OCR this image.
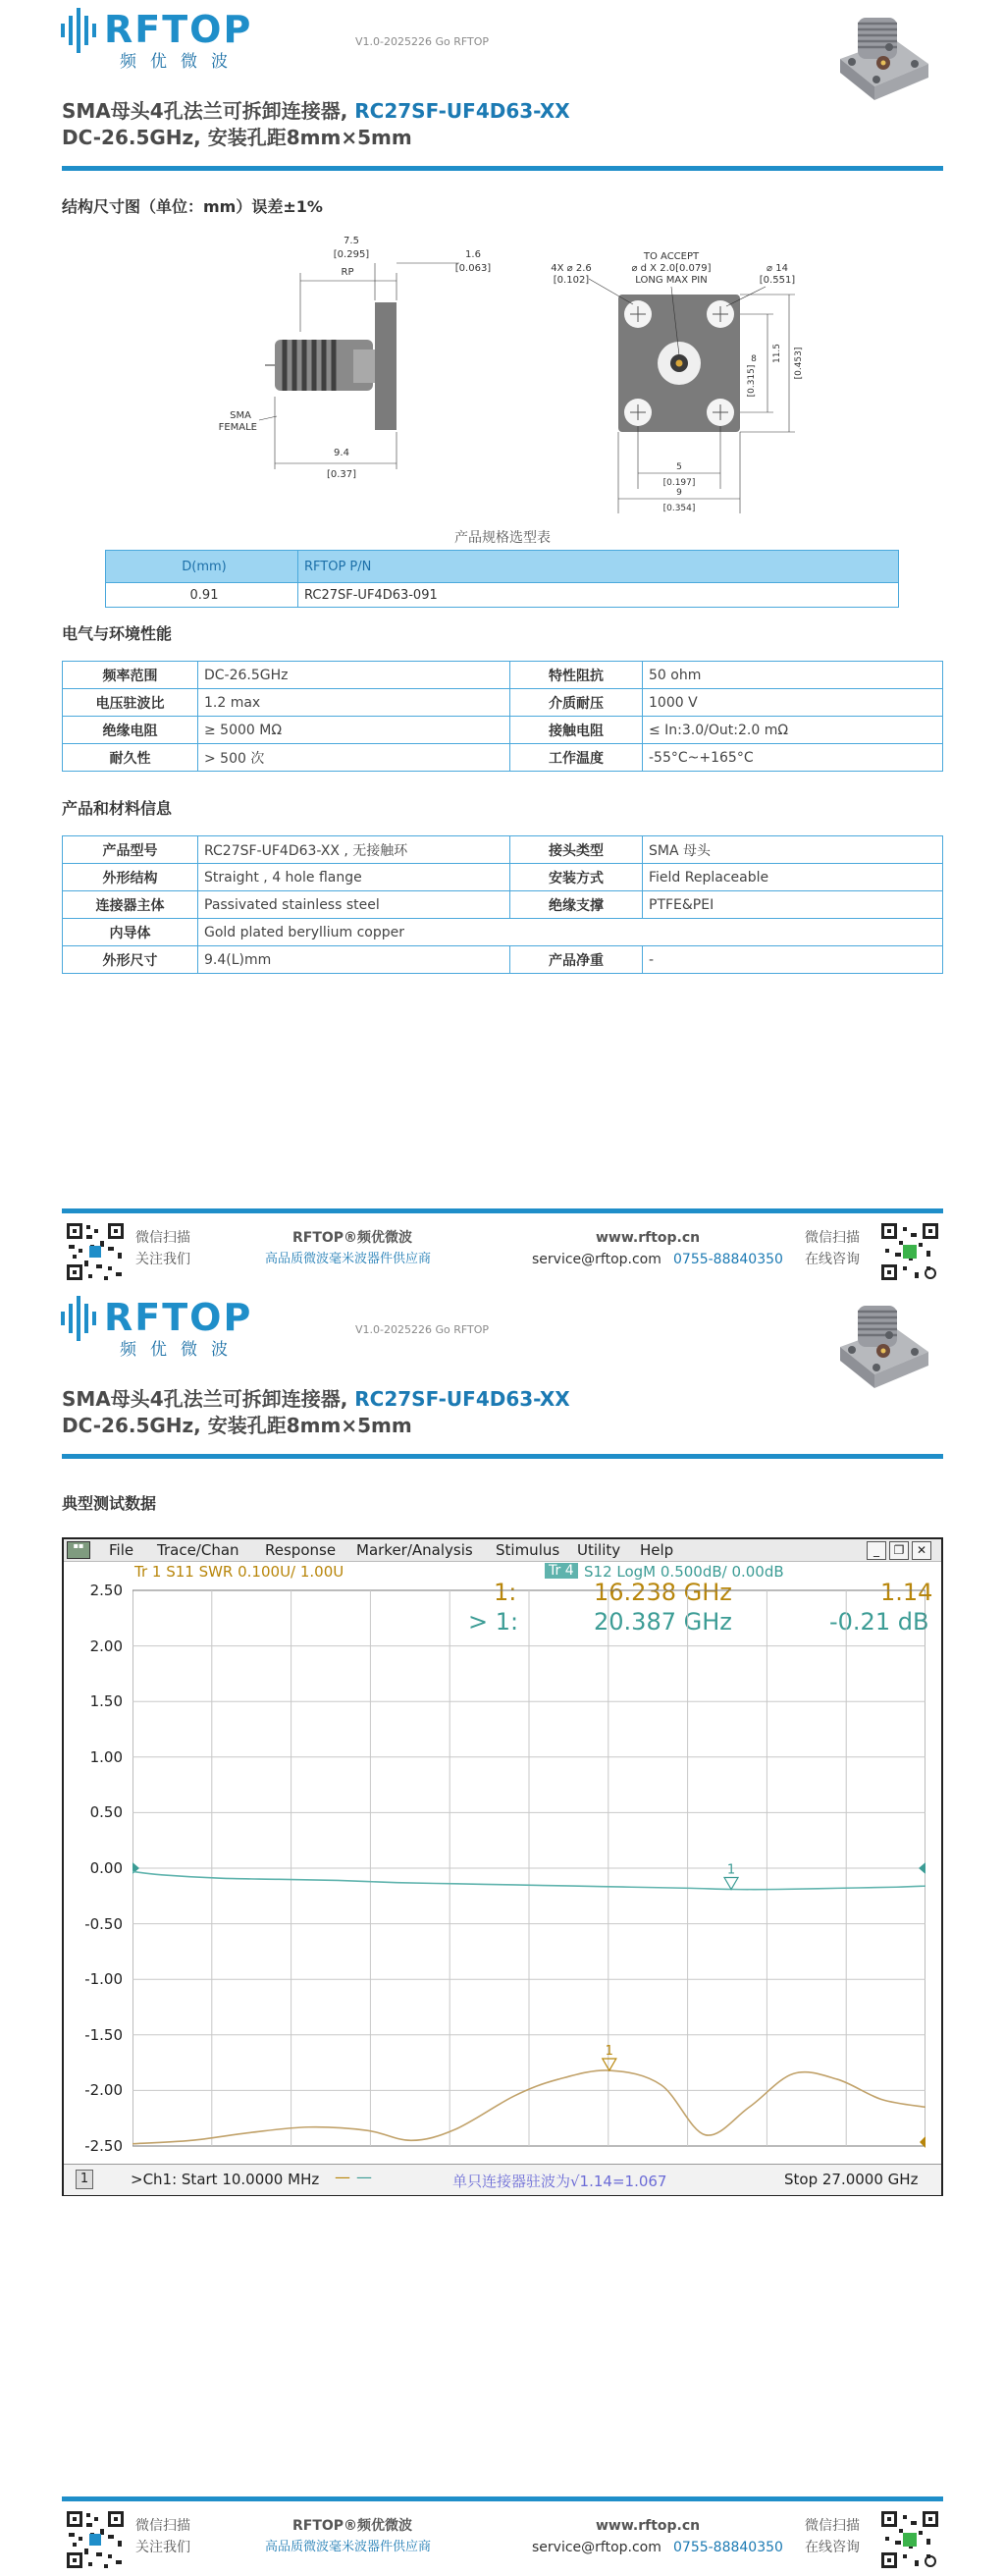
RFTOP
频优微波
V1.0-2025226 Go RFTOP
SMA母头4孔法兰可拆卸连接器, RC27SF-UF4D63-XX
DC-26.5GHz, 安装孔距8mm×5mm
结构尺寸图（单位：mm）误差±1%
7.5
[0.295]
RP
1.6
[0.063]
SMA
FEMALE
9.4
[0.37]
4X ⌀ 2.6
[0.102]
TO ACCEPT
⌀ d X 2.0[0.079]
LONG MAX PIN
⌀ 14
[0.551]
8
[0.315]
11.5 [0.453]
5
[0.197]
9
[0.354]
产品规格选型表
D(mm)	RFTOP P/N
0.91	RC27SF-UF4D63-091
电气与环境性能
频率范围	DC-26.5GHz	特性阻抗	50 ohm
电压驻波比	1.2 max	介质耐压	1000 V
绝缘电阻	≥ 5000 MΩ	接触电阻	≤ In:3.0/Out:2.0 mΩ
耐久性	> 500 次	工作温度	-55°C~+165°C
产品和材料信息
产品型号	RC27SF-UF4D63-XX , 无接触环	接头类型	SMA 母头
外形结构	Straight , 4 hole flange	安装方式	Field Replaceable
连接器主体	Passivated stainless steel	绝缘支撑	PTFE&PEI
内导体	Gold plated beryllium copper		
外形尺寸	9.4(L)mm	产品净重	-
微信扫描
关注我们
RFTOP®频优微波
高品质微波毫米波器件供应商
www.rftop.cn
service@rftop.com 0755-88840350
微信扫描
在线咨询
RFTOP
频优微波
V1.0-2025226 Go RFTOP
SMA母头4孔法兰可拆卸连接器, RC27SF-UF4D63-XX
DC-26.5GHz, 安装孔距8mm×5mm
典型测试数据
微信扫描
关注我们
RFTOP®频优微波
高品质微波毫米波器件供应商
www.rftop.cn
service@rftop.com 0755-88840350
微信扫描
在线咨询
▪▪	File Trace/Chan Response Marker/Analysis Stimulus Utility Help	_	❐	✕
Tr 1 S11 SWR 0.100U/ 1.00U	Tr 4 S12 LogM 0.500dB/ 0.00dB
1:	16.238 GHz	1.14
> 1:	20.387 GHz	-0.21 dB
2.50
2.00
1.50
1.00
0.50
0.00
-0.50
-1.00
-1.50
-2.00
-2.50
1
1
1	>Ch1: Start 10.0000 MHz — —	单只连接器驻波为√1.14=1.067	Stop 27.0000 GHz
